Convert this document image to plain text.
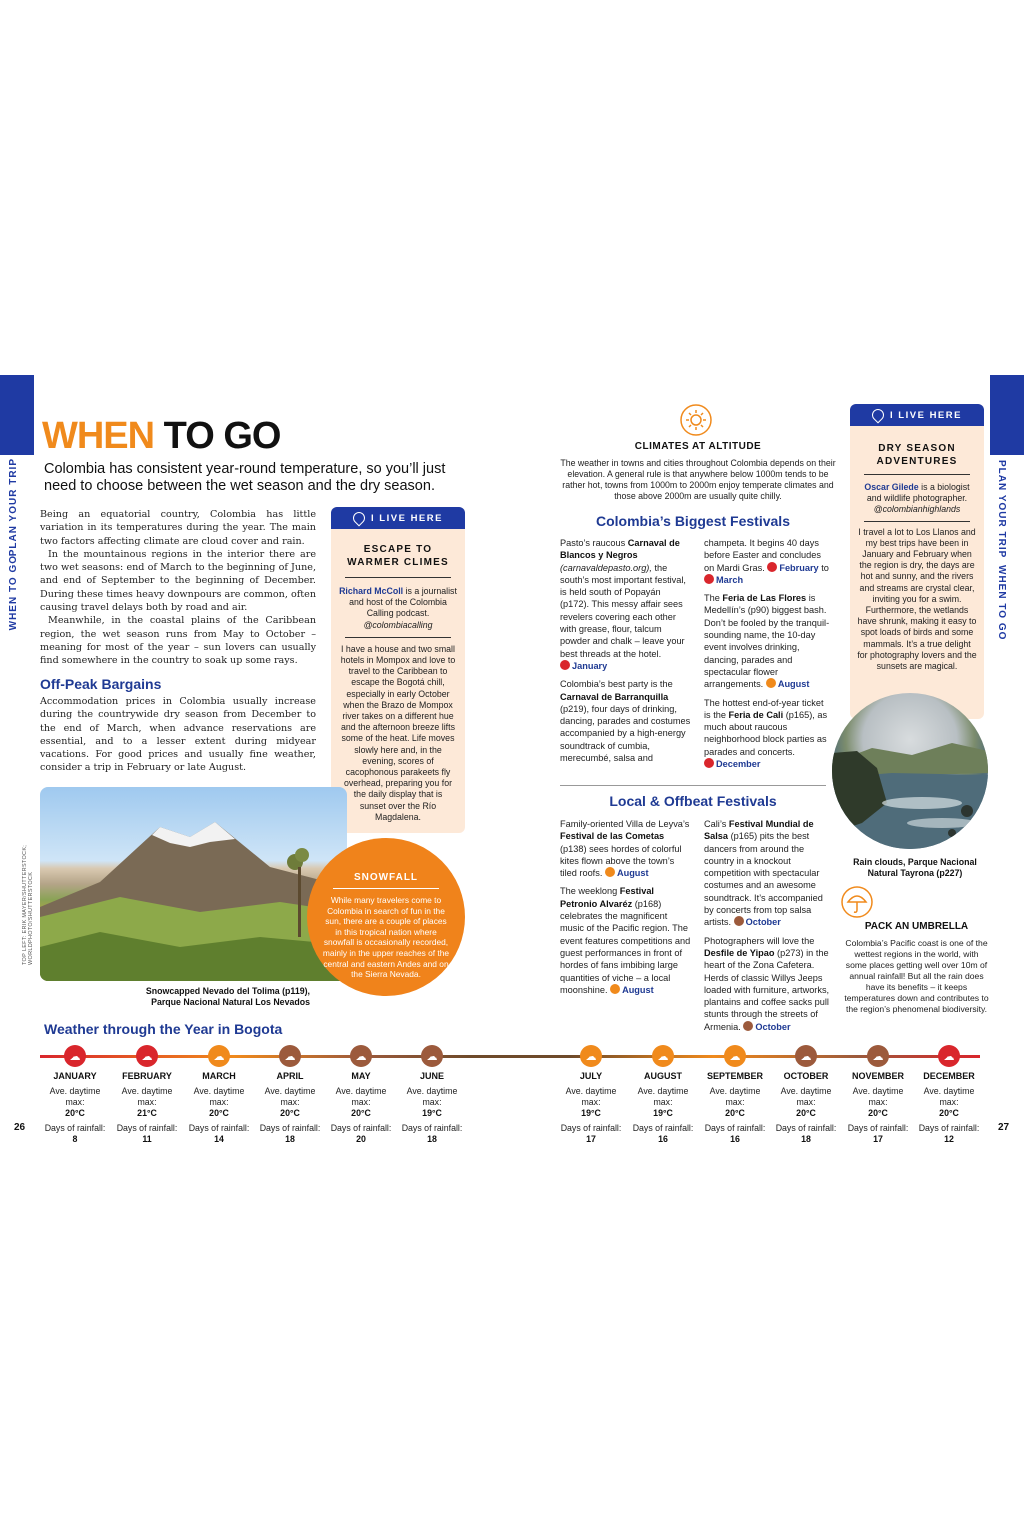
PLAN YOUR TRIP
WHEN TO GO
PLAN YOUR TRIP
WHEN TO GO
WHEN TO GO
Colombia has consistent year-round temperature, so you’ll just need to choose between the wet season and the dry season.

Being an equatorial country, Colombia has little variation in its temperatures during the year. The main two factors affecting climate are cloud cover and rain.

In the mountainous regions in the interior there are two wet seasons: end of March to the beginning of June, and end of September to the beginning of December. During these times heavy downpours are common, often causing travel delays both by road and air.

Meanwhile, in the coastal plains of the Caribbean region, the wet season runs from May to October – meaning for most of the year – sun lovers can usually find somewhere in the country to soak up some rays.

Off-Peak Bargains

Accommodation prices in Colombia usually increase during the countrywide dry season from December to the end of March, when advance reservations are essential, and to a lesser extent during midyear vacations. For good prices and usually fine weather, consider a trip in February or late August.

I LIVE HERE
ESCAPE TO WARMER CLIMES
Richard McColl is a journalist and host of the Colombia Calling podcast.
@colombiacalling
I have a house and two small hotels in Mompox and love to travel to the Caribbean to escape the Bogotá chill, especially in early October when the Brazo de Mompox river takes on a different hue and the afternoon breeze lifts some of the heat. Life moves slowly here and, in the evening, scores of cacophonous parakeets fly overhead, preparing you for the daily display that is sunset over the Río Magdalena.
TOP LEFT: ERIK MAYER/SHUTTERSTOCK; WORLDPHOTO/SHUTTERSTOCK
Snowcapped Nevado del Tolima (p119), Parque Nacional Natural Los Nevados
SNOWFALL
While many travelers come to Colombia in search of fun in the sun, there are a couple of places in this tropical nation where snowfall is occasionally recorded, mainly in the upper reaches of the central and eastern Andes and on the Sierra Nevada.
CLIMATES AT ALTITUDE
The weather in towns and cities throughout Colombia depends on their elevation. A general rule is that anywhere below 1000m tends to be rather hot, towns from 1000m to 2000m enjoy temperate climates and those above 2000m are usually quite chilly.
Colombia’s Biggest Festivals

Pasto’s raucous Carnaval de Blancos y Negros (carnavaldepasto.org), the south’s most important festival, is held south of Popayán (p172). This messy affair sees revelers covering each other with grease, flour, talcum powder and chalk – leave your best threads at the hotel. January

Colombia’s best party is the Carnaval de Barranquilla (p219), four days of drinking, dancing, parades and costumes accompanied by a high-energy soundtrack of cumbia, merecumbé, salsa and

champeta. It begins 40 days before Easter and concludes on Mardi Gras. February to March

The Feria de Las Flores is Medellín’s (p90) biggest bash. Don’t be fooled by the tranquil-sounding name, the 10-day event involves drinking, dancing, parades and spectacular flower arrangements. August

The hottest end-of-year ticket is the Feria de Cali (p165), as much about raucous neighborhood block parties as parades and concerts. December

Local & Offbeat Festivals

Family-oriented Villa de Leyva’s Festival de las Cometas (p138) sees hordes of colorful kites flown above the town’s tiled roofs. August

The weeklong Festival Petronio Alvaréz (p168) celebrates the magnificent music of the Pacific region. The event features competitions and guest performances in front of hordes of fans imbibing large quantities of viche – a local moonshine. August

Cali’s Festival Mundial de Salsa (p165) pits the best dancers from around the country in a knockout competition with spectacular costumes and an awesome soundtrack. It’s accompanied by concerts from top salsa artists. October

Photographers will love the Desfile de Yipao (p273) in the heart of the Zona Cafetera. Herds of classic Willys Jeeps loaded with furniture, artworks, plantains and coffee sacks pull stunts through the streets of Armenia. October

I LIVE HERE
DRY SEASON ADVENTURES
Oscar Gilede is a biologist and wildlife photographer.
@colombianhighlands
I travel a lot to Los Llanos and my best trips have been in January and February when the region is dry, the days are hot and sunny, and the rivers and streams are crystal clear, inviting you for a swim. Furthermore, the wetlands have shrunk, making it easy to spot loads of birds and some mammals. It’s a true delight for photography lovers and the sunsets are magical.
Rain clouds, Parque Nacional Natural Tayrona (p227)
PACK AN UMBRELLA
Colombia’s Pacific coast is one of the wettest regions in the world, with some places getting well over 10m of annual rainfall! But all the rain does have its benefits – it keeps temperatures down and contributes to the region’s phenomenal biodiversity.
Weather through the Year in Bogota
☁
JANUARY
Ave. daytime max:
20°C
Days of rainfall:
8
☁
FEBRUARY
Ave. daytime max:
21°C
Days of rainfall:
11
☁
MARCH
Ave. daytime max:
20°C
Days of rainfall:
14
☁
APRIL
Ave. daytime max:
20°C
Days of rainfall:
18
☁
MAY
Ave. daytime max:
20°C
Days of rainfall:
20
☁
JUNE
Ave. daytime max:
19°C
Days of rainfall:
18
☁
JULY
Ave. daytime max:
19°C
Days of rainfall:
17
☁
AUGUST
Ave. daytime max:
19°C
Days of rainfall:
16
☁
SEPTEMBER
Ave. daytime max:
20°C
Days of rainfall:
16
☁
OCTOBER
Ave. daytime max:
20°C
Days of rainfall:
18
☁
NOVEMBER
Ave. daytime max:
20°C
Days of rainfall:
17
☁
DECEMBER
Ave. daytime max:
20°C
Days of rainfall:
12
26	27
